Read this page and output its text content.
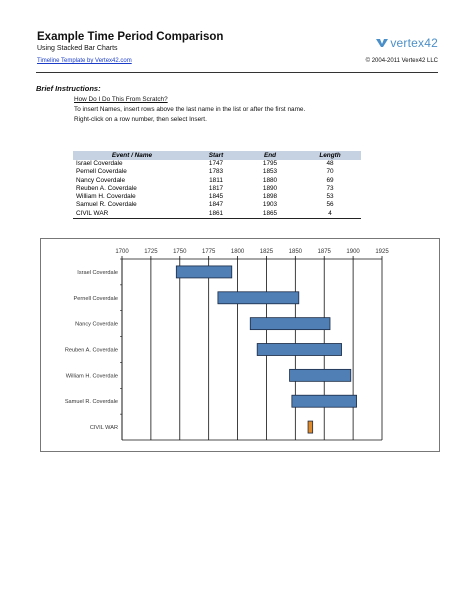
Example Time Period Comparison
Using Stacked Bar Charts
Timeline Template by Vertex42.com
vertex42
© 2004-2011 Vertex42 LLC
Brief Instructions:
How Do I Do This From Scratch?
To insert Names, insert rows above the last name in the list or after the first name.
Right-click on a row number, then select Insert.
Event / Name	Start	End	Length
Israel Coverdale	1747	1795	48
Pernell Coverdale	1783	1853	70
Nancy Coverdale	1811	1880	69
Reuben A. Coverdale	1817	1890	73
William H. Coverdale	1845	1898	53
Samuel R. Coverdale	1847	1903	56
CIVIL WAR	1861	1865	4
1700	1725	1750	1775	1800	1825	1850	1875	1900	1925
Israel Coverdale
Pernell Coverdale
Nancy Coverdale
Reuben A. Coverdale
William H. Coverdale
Samuel R. Coverdale
CIVIL WAR
